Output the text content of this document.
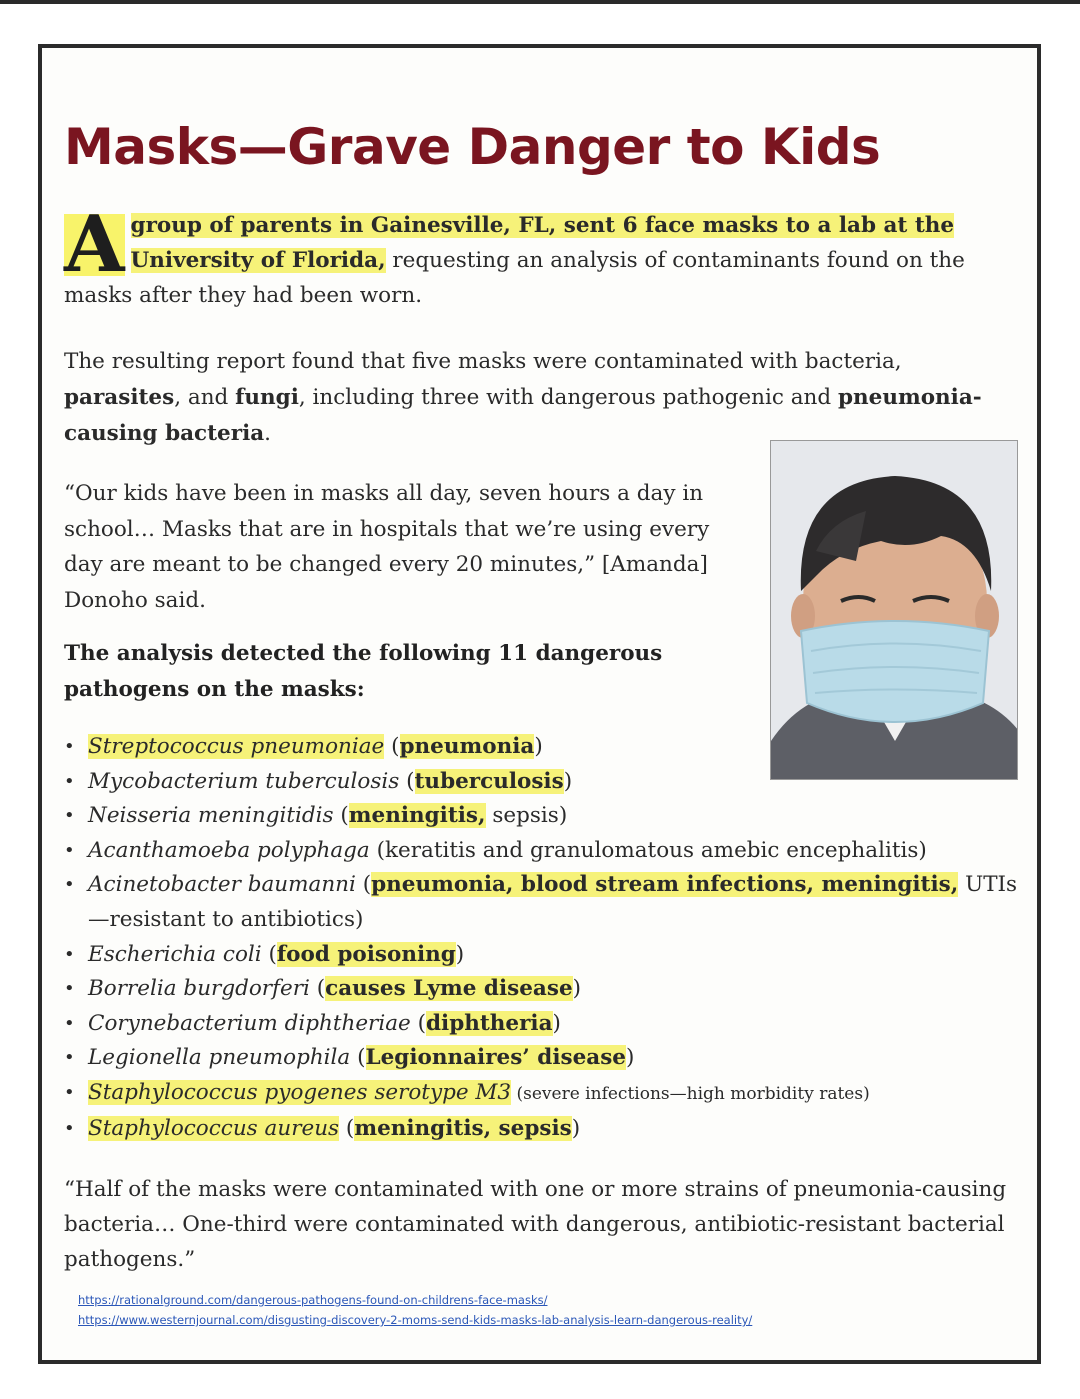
Masks—Grave Danger to Kids

A group of parents in Gainesville, FL, sent 6 face masks to a lab at the University of Florida, requesting an analysis of contaminants found on the masks after they had been worn.

The resulting report found that five masks were contaminated with bacteria, parasites, and fungi, including three with dangerous pathogenic and pneumonia-causing bacteria.

“Our kids have been in masks all day, seven hours a day in school… Masks that are in hospitals that we’re using every day are meant to be changed every 20 minutes,” [Amanda] Donoho said.

The analysis detected the following 11 dangerous pathogens on the masks:

• Streptococcus pneumoniae (pneumonia)
• Mycobacterium tuberculosis (tuberculosis)
• Neisseria meningitidis (meningitis, sepsis)
• Acanthamoeba polyphaga (keratitis and granulomatous amebic encephalitis)
• Acinetobacter baumanni (pneumonia, blood stream infections, meningitis, UTIs—resistant to antibiotics)
• Escherichia coli (food poisoning)
• Borrelia burgdorferi (causes Lyme disease)
• Corynebacterium diphtheriae (diphtheria)
• Legionella pneumophila (Legionnaires’ disease)
• Staphylococcus pyogenes serotype M3 (severe infections—high morbidity rates)
• Staphylococcus aureus (meningitis, sepsis)

“Half of the masks were contaminated with one or more strains of pneumonia-causing bacteria… One-third were contaminated with dangerous, antibiotic-resistant bacterial pathogens.”

https://rationalground.com/dangerous-pathogens-found-on-childrens-face-masks/
https://www.westernjournal.com/disgusting-discovery-2-moms-send-kids-masks-lab-analysis-learn-dangerous-reality/
